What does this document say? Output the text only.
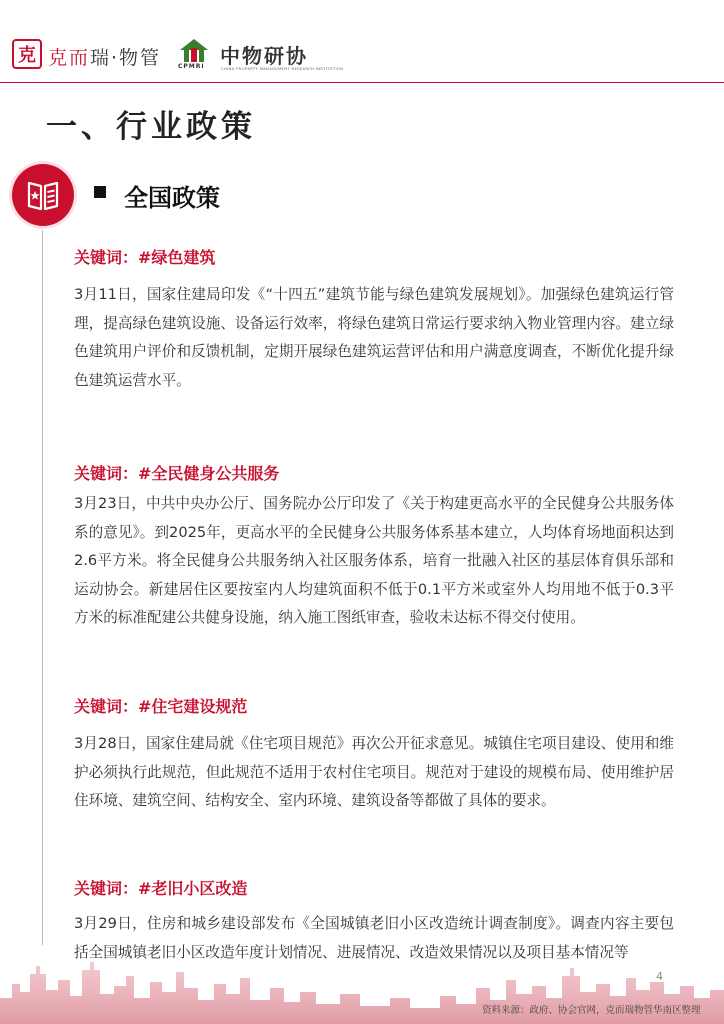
克 克而瑞·物管	CPMRI 中物研协
CHINA PROPERTY MANAGEMENT RESEARCH INSTITUTION
一、行业政策
全国政策
关键词：#绿色建筑

3月11日，国家住建局印发《“十四五”建筑节能与绿色建筑发展规划》。加强绿色建筑运行管理，提高绿色建筑设施、设备运行效率，将绿色建筑日常运行要求纳入物业管理内容。建立绿色建筑用户评价和反馈机制，定期开展绿色建筑运营评估和用户满意度调查，不断优化提升绿色建筑运营水平。

关键词：#全民健身公共服务

3月23日，中共中央办公厅、国务院办公厅印发了《关于构建更高水平的全民健身公共服务体系的意见》。到2025年，更高水平的全民健身公共服务体系基本建立，人均体育场地面积达到2.6平方米。将全民健身公共服务纳入社区服务体系，培育一批融入社区的基层体育俱乐部和运动协会。新建居住区要按室内人均建筑面积不低于0.1平方米或室外人均用地不低于0.3平方米的标准配建公共健身设施，纳入施工图纸审查，验收未达标不得交付使用。

关键词：#住宅建设规范

3月28日，国家住建局就《住宅项目规范》再次公开征求意见。城镇住宅项目建设、使用和维护必须执行此规范，但此规范不适用于农村住宅项目。规范对于建设的规模布局、使用维护居住环境、建筑空间、结构安全、室内环境、建筑设备等都做了具体的要求。

关键词：#老旧小区改造

3月29日，住房和城乡建设部发布《全国城镇老旧小区改造统计调查制度》。调查内容主要包括全国城镇老旧小区改造年度计划情况、进展情况、改造效果情况以及项目基本情况等

4
资料来源：政府、协会官网，克而瑞物管华南区整理
